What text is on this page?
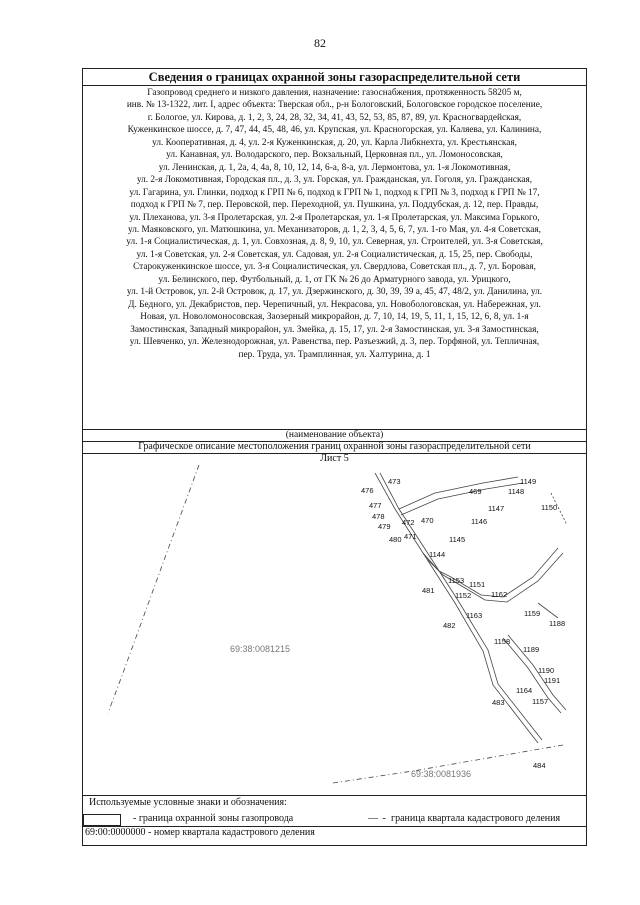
82
Сведения о границах охранной зоны газораспределительной сети
Газопровод среднего и низкого давления, назначение: газоснабжения, протяженность 58205 м,
инв. № 13-1322, лит. I, адрес объекта: Тверская обл., р-н Бологовский, Бологовское городское поселение,
г. Бологое, ул. Кирова, д. 1, 2, 3, 24, 28, 32, 34, 41, 43, 52, 53, 85, 87, 89, ул. Красногвардейская,
Куженкинское шоссе, д. 7, 47, 44, 45, 48, 46, ул. Крупская, ул. Красногорская, ул. Каляева, ул. Калинина,
ул. Кооперативная, д. 4, ул. 2-я Куженкинская, д. 20, ул. Карла Либкнехта, ул. Крестьянская,
ул. Канавная, ул. Володарского, пер. Вокзальный, Церковная пл., ул. Ломоносовская,
ул. Ленинская, д. 1, 2а, 4, 4а, 8, 10, 12, 14, 6-а, 8-а, ул. Лермонтова, ул. 1-я Локомотивная,
ул. 2-я Локомотивная, Городская пл., д. 3, ул. Горская, ул. Гражданская, ул. Гоголя, ул. Гражданская,
ул. Гагарина, ул. Глинки, подход к ГРП № 6, подход к ГРП № 1, подход к ГРП № 3, подход к ГРП № 17,
подход к ГРП № 7, пер. Перовской, пер. Переходной, ул. Пушкина, ул. Поддубская, д. 12, пер. Правды,
ул. Плеханова, ул. 3-я Пролетарская, ул. 2-я Пролетарская, ул. 1-я Пролетарская, ул. Максима Горького,
ул. Маяковского, ул. Матюшкина, ул. Механизаторов, д. 1, 2, 3, 4, 5, 6, 7, ул. 1-го Мая, ул. 4-я Советская,
ул. 1-я Социалистическая, д. 1, ул. Совхозная, д. 8, 9, 10, ул. Северная, ул. Строителей, ул. 3-я Советская,
ул. 1-я Советская, ул. 2-я Советская, ул. Садовая, ул. 2-я Социалистическая, д. 15, 25, пер. Свободы,
Старокуженкинское шоссе, ул. 3-я Социалистическая, ул. Свердлова, Советская пл., д. 7, ул. Боровая,
ул. Белинского, пер. Футбольный, д. 1, от ГК № 26 до Арматурного завода, ул. Урицкого,
ул. 1-й Островок, ул. 2-й Островок, д. 17, ул. Дзержинского, д. 30, 39, 39 а, 45, 47, 48/2, ул. Данилина, ул.
Д. Бедного, ул. Декабристов, пер. Черепичный, ул. Некрасова, ул. Новобологовская, ул. Набережная, ул.
Новая, ул. Новоломоносовская, Заозерный микрорайон, д. 7, 10, 14, 19, 5, 11, 1, 15, 12, 6, 8, ул. 1-я
Замостинская, Западный микрорайон, ул. Змейка, д. 15, 17, ул. 2-я Замостинская, ул. 3-я Замостинская,
ул. Шевченко, ул. Железнодорожная, ул. Равенства, пер. Разъезжий, д. 3, пер. Торфяной, ул. Тепличная,
пер. Труда, ул. Трамплинная, ул. Халтурина, д. 1
(наименование объекта)
Графическое описание местоположения границ охранной зоны газораспределительной сети
473
476
477
478
479
480 471
472 470
469
1149
1148
1147
1146
1145
1144
1150
1153 1151
481
1152	1162
1163
482
1159
1188
1158
1189
1190
1191
1164
1157
483
484
69:38:0081215
69:38:0081936
Лист 5
Используемые условные знаки и обозначения:
- граница охранной зоны газопровода	— - граница квартала кадастрового деления
69:00:0000000 - номер квартала кадастрового деления
